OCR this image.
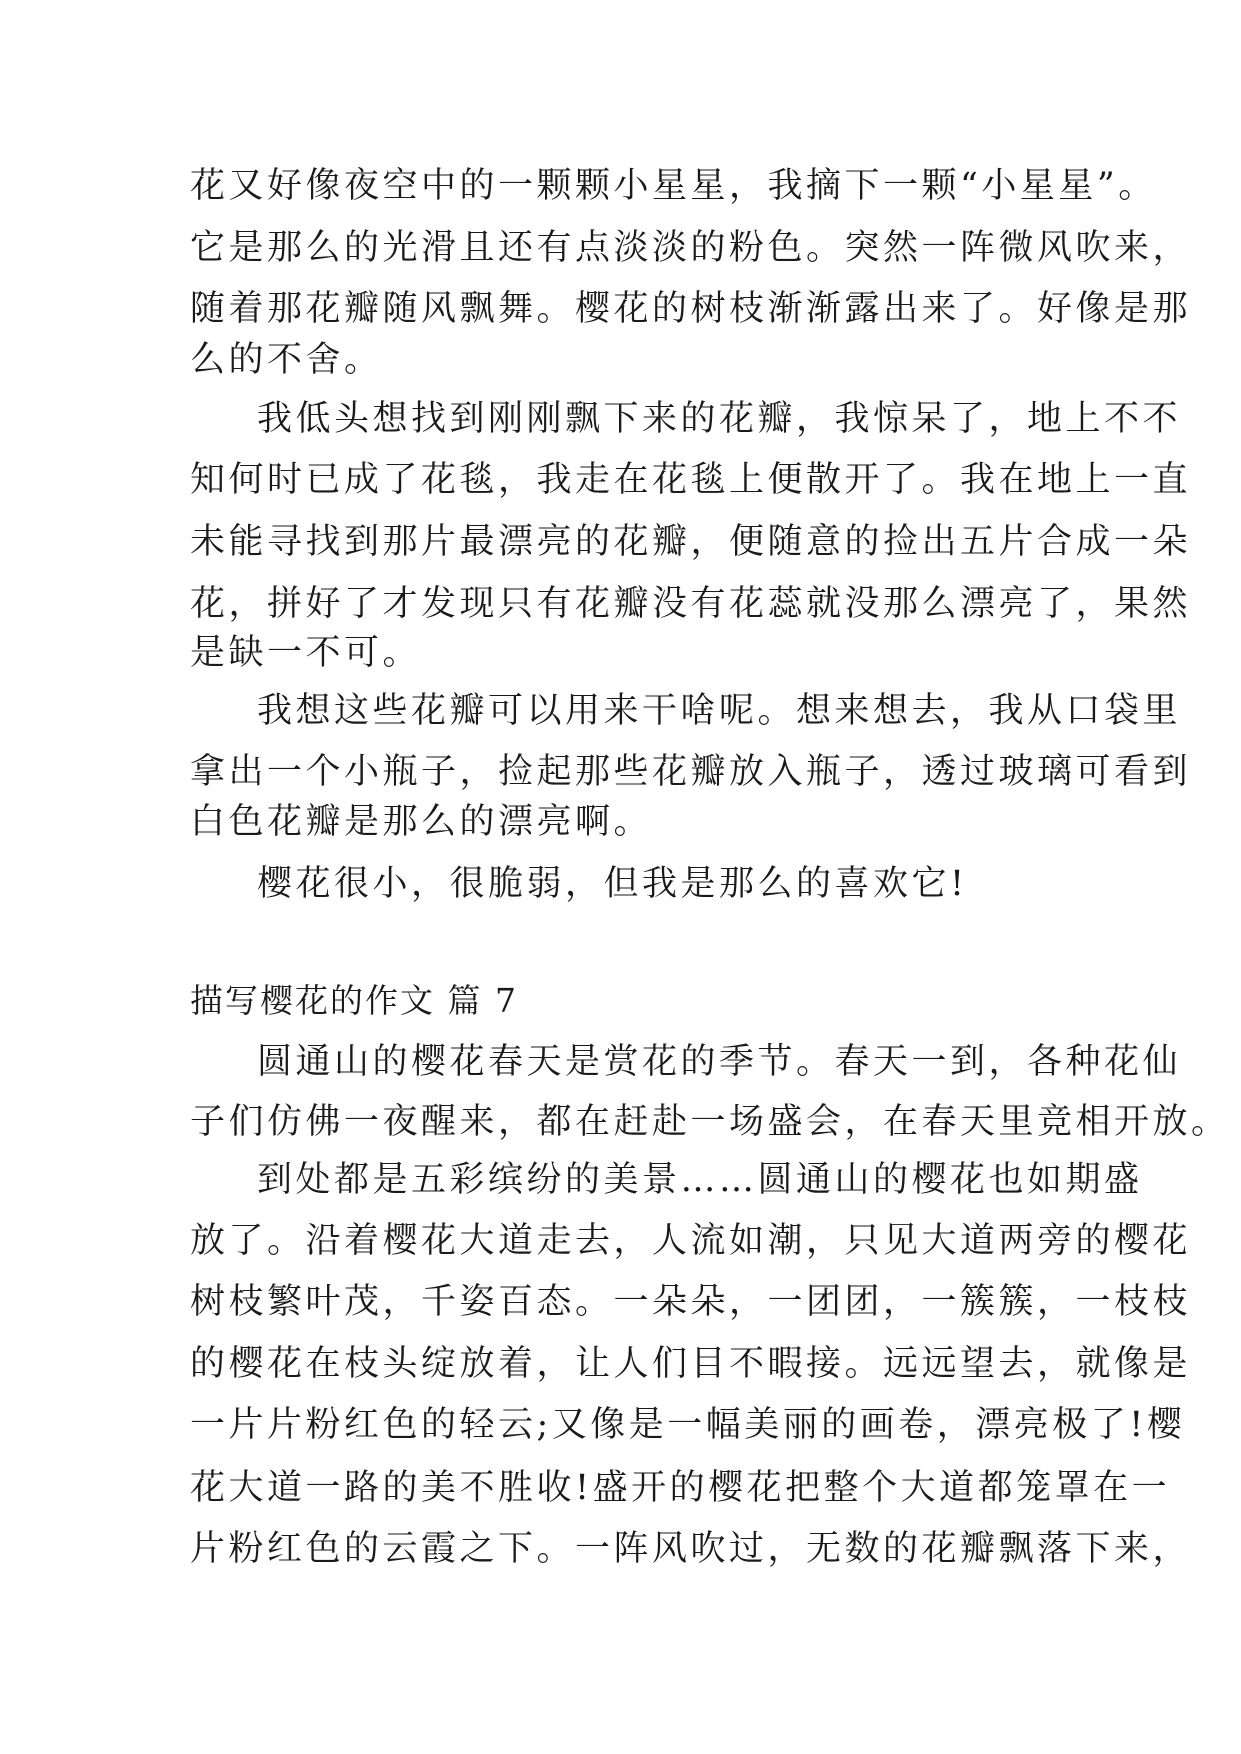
花又好像夜空中的一颗颗小星星，我摘下一颗“小星星”。
它是那么的光滑且还有点淡淡的粉色。突然一阵微风吹来，
随着那花瓣随风飘舞。樱花的树枝渐渐露出来了。好像是那
么的不舍。
我低头想找到刚刚飘下来的花瓣，我惊呆了，地上不不
知何时已成了花毯，我走在花毯上便散开了。我在地上一直
未能寻找到那片最漂亮的花瓣，便随意的捡出五片合成一朵
花，拼好了才发现只有花瓣没有花蕊就没那么漂亮了，果然
是缺一不可。
我想这些花瓣可以用来干啥呢。想来想去，我从口袋里
拿出一个小瓶子，捡起那些花瓣放入瓶子，透过玻璃可看到
白色花瓣是那么的漂亮啊。
樱花很小，很脆弱，但我是那么的喜欢它!
描写樱花的作文 篇 7
圆通山的樱花春天是赏花的季节。春天一到，各种花仙
子们仿佛一夜醒来，都在赶赴一场盛会，在春天里竞相开放。
到处都是五彩缤纷的美景……圆通山的樱花也如期盛
放了。沿着樱花大道走去，人流如潮，只见大道两旁的樱花
树枝繁叶茂，千姿百态。一朵朵，一团团，一簇簇，一枝枝
的樱花在枝头绽放着，让人们目不暇接。远远望去，就像是
一片片粉红色的轻云;又像是一幅美丽的画卷，漂亮极了!樱
花大道一路的美不胜收!盛开的樱花把整个大道都笼罩在一
片粉红色的云霞之下。一阵风吹过，无数的花瓣飘落下来，
